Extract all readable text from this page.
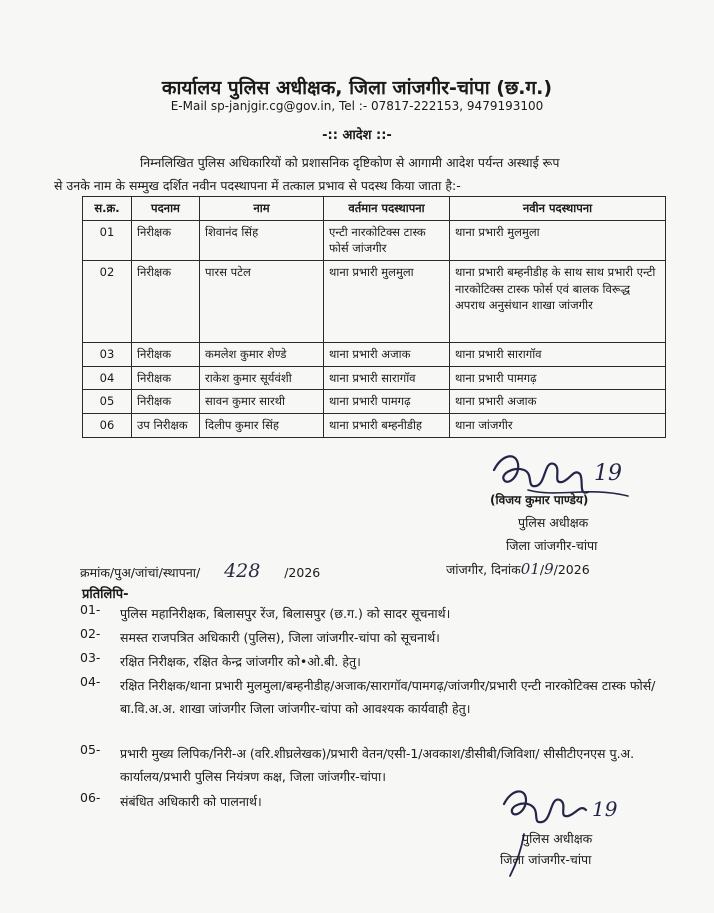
कार्यालय पुलिस अधीक्षक, जिला जांजगीर-चांपा (छ.ग.)
E-Mail sp-janjgir.cg@gov.in, Tel :- 07817-222153, 9479193100
-:: आदेश ::-
निम्नलिखित पुलिस अधिकारियों को प्रशासनिक दृष्टिकोण से आगामी आदेश पर्यन्त अस्थाई रूप
से उनके नाम के सम्मुख दर्शित नवीन पदस्थापना में तत्काल प्रभाव से पदस्थ किया जाता है:-
स.क्र.	पदनाम	नाम	वर्तमान पदस्थापना	नवीन पदस्थापना
01	निरीक्षक	शिवानंद सिंह	एन्टी नारकोटिक्स टास्क फोर्स जांजगीर	थाना प्रभारी मुलमुला
02	निरीक्षक	पारस पटेल	थाना प्रभारी मुलमुला	थाना प्रभारी बम्हनीडीह के साथ साथ प्रभारी एन्टी नारकोटिक्स टास्क फोर्स एवं बालक विरूद्ध अपराध अनुसंधान शाखा जांजगीर
03	निरीक्षक	कमलेश कुमार शेण्डे	थाना प्रभारी अजाक	थाना प्रभारी सारागॉव
04	निरीक्षक	राकेश कुमार सूर्यवंशी	थाना प्रभारी सारागॉव	थाना प्रभारी पामगढ़
05	निरीक्षक	सावन कुमार सारथी	थाना प्रभारी पामगढ़	थाना प्रभारी अजाक
06	उप निरीक्षक	दिलीप कुमार सिंह	थाना प्रभारी बम्हनीडीह	थाना जांजगीर
19
(विजय कुमार पाण्डेय)
पुलिस अधीक्षक
जिला जांजगीर-चांपा
क्रमांक/पुअ/जांचां/स्थापना/ 428 /2026	जांजगीर, दिनांक01/9/2026
प्रतिलिपि-
01-	पुलिस महानिरीक्षक, बिलासपुर रेंज, बिलासपुर (छ.ग.) को सादर सूचनार्थ।
02-	समस्त राजपत्रित अधिकारी (पुलिस), जिला जांजगीर-चांपा को सूचनार्थ।
03-	रक्षित निरीक्षक, रक्षित केन्द्र जांजगीर को•ओ.बी. हेतु।
04-	रक्षित निरीक्षक/थाना प्रभारी मुलमुला/बम्हनीडीह/अजाक/सारागॉव/पामगढ़/जांजगीर/प्रभारी एन्टी नारकोटिक्स टास्क फोर्स/बा.वि.अ.अ. शाखा जांजगीर जिला जांजगीर-चांपा को आवश्यक कार्यवाही हेतु।
05-	प्रभारी मुख्य लिपिक/निरी-अ (वरि.शीघ्रलेखक)/प्रभारी वेतन/एसी-1/अवकाश/डीसीबी/जिविशा/ सीसीटीएनएस पु.अ. कार्यालय/प्रभारी पुलिस नियंत्रण कक्ष, जिला जांजगीर-चांपा।
06-	संबंधित अधिकारी को पालनार्थ।	19
पुलिस अधीक्षक
जिला जांजगीर-चांपा
